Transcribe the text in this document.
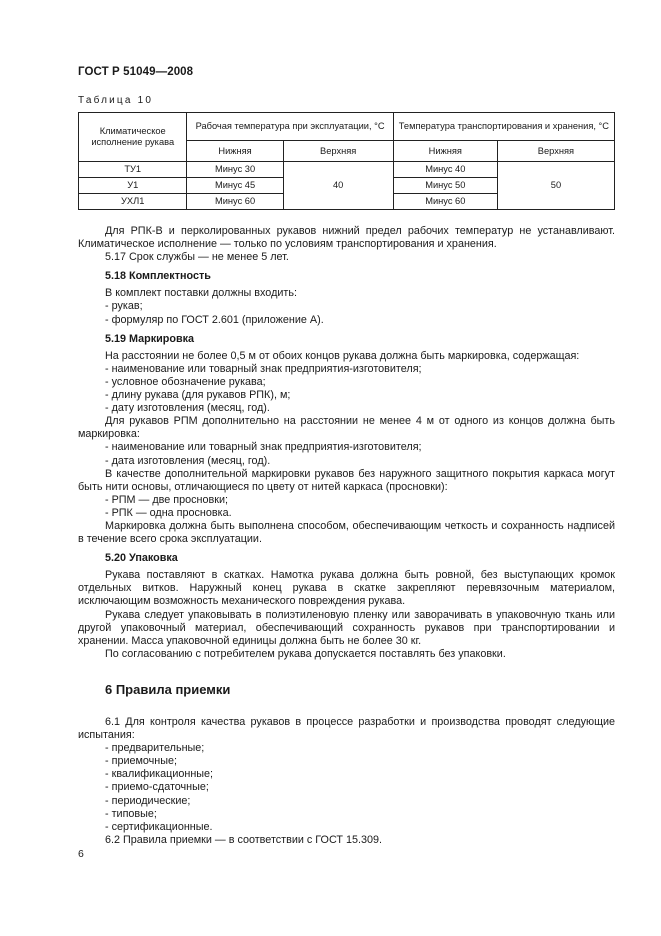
ГОСТ Р 51049—2008
Таблица 10
Климатическое исполнение рукава	Рабочая температура при эксплуатации, °С		Температура транспортирования и хранения, °С	
	Нижняя	Верхняя	Нижняя	Верхняя
ТУ1	Минус 30	40	Минус 40	50
У1	Минус 45		Минус 50	
УХЛ1	Минус 60		Минус 60	

Для РПК-В и перколированных рукавов нижний предел рабочих температур не устанавливают. Климатическое исполнение — только по условиям транспортирования и хранения.

5.17 Срок службы — не менее 5 лет.

5.18 Комплектность

В комплект поставки должны входить:

- рукав;

- формуляр по ГОСТ 2.601 (приложение А).

5.19 Маркировка

На расстоянии не более 0,5 м от обоих концов рукава должна быть маркировка, содержащая:

- наименование или товарный знак предприятия-изготовителя;

- условное обозначение рукава;

- длину рукава (для рукавов РПК), м;

- дату изготовления (месяц, год).

Для рукавов РПМ дополнительно на расстоянии не менее 4 м от одного из концов должна быть маркировка:

- наименование или товарный знак предприятия-изготовителя;

- дата изготовления (месяц, год).

В качестве дополнительной маркировки рукавов без наружного защитного покрытия каркаса могут быть нити основы, отличающиеся по цвету от нитей каркаса (просновки):

- РПМ — две просновки;

- РПК — одна просновка.

Маркировка должна быть выполнена способом, обеспечивающим четкость и сохранность надписей в течение всего срока эксплуатации.

5.20 Упаковка

Рукава поставляют в скатках. Намотка рукава должна быть ровной, без выступающих кромок отдельных витков. Наружный конец рукава в скатке закрепляют перевязочным материалом, исключающим возможность механического повреждения рукава.

Рукава следует упаковывать в полиэтиленовую пленку или заворачивать в упаковочную ткань или другой упаковочный материал, обеспечивающий сохранность рукавов при транспортировании и хранении. Масса упаковочной единицы должна быть не более 30 кг.

По согласованию с потребителем рукава допускается поставлять без упаковки.

6 Правила приемки

6.1 Для контроля качества рукавов в процессе разработки и производства проводят следующие испытания:

- предварительные;

- приемочные;

- квалификационные;

- приемо-сдаточные;

- периодические;

- типовые;

- сертификационные.

6.2 Правила приемки — в соответствии с ГОСТ 15.309.

6
